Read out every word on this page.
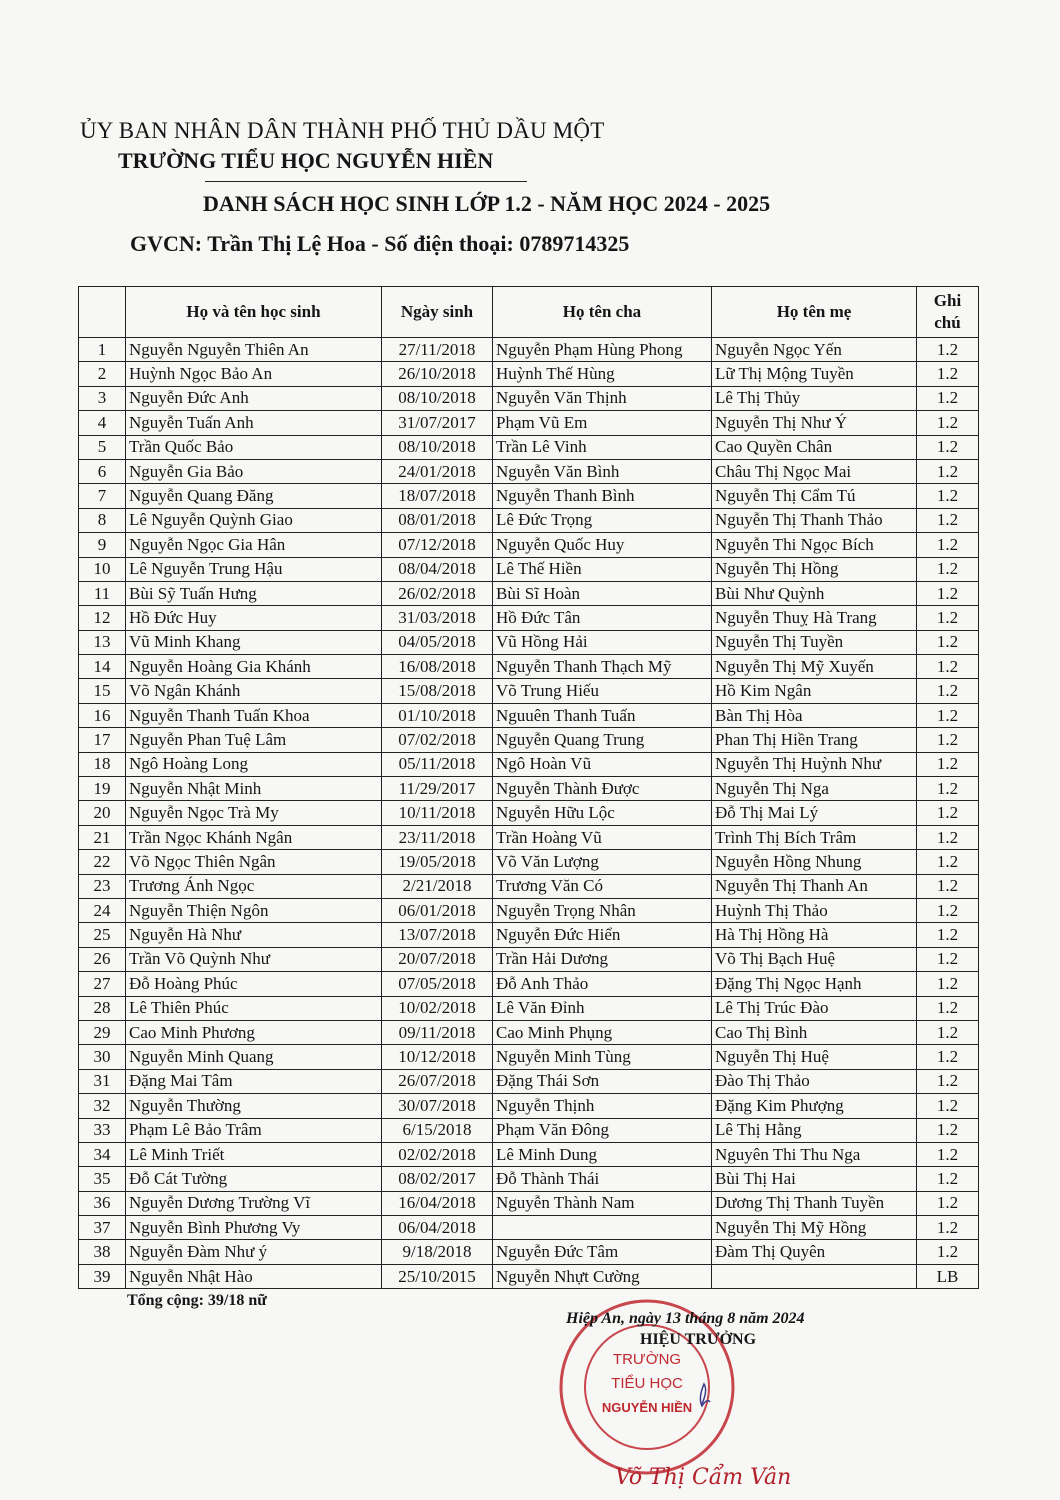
ỦY BAN NHÂN DÂN THÀNH PHỐ THỦ DẦU MỘT
TRƯỜNG TIỂU HỌC NGUYỄN HIỀN
DANH SÁCH HỌC SINH LỚP 1.2 - NĂM HỌC 2024 - 2025
GVCN: Trần Thị Lệ Hoa - Số điện thoại: 0789714325
	Họ và tên học sinh	Ngày sinh	Họ tên cha	Họ tên mẹ	Ghi chú
1	Nguyễn Nguyễn Thiên An	27/11/2018	Nguyễn Phạm Hùng Phong	Nguyễn Ngọc Yến	1.2
2	Huỳnh Ngọc Bảo An	26/10/2018	Huỳnh Thế Hùng	Lữ Thị Mộng Tuyền	1.2
3	Nguyễn Đức Anh	08/10/2018	Nguyễn Văn Thịnh	Lê Thị Thủy	1.2
4	Nguyễn Tuấn Anh	31/07/2017	Phạm Vũ Em	Nguyễn Thị Như Ý	1.2
5	Trần Quốc Bảo	08/10/2018	Trần Lê Vinh	Cao Quyền Chân	1.2
6	Nguyễn Gia Bảo	24/01/2018	Nguyễn Văn Bình	Châu Thị Ngọc Mai	1.2
7	Nguyễn Quang Đăng	18/07/2018	Nguyễn Thanh Bình	Nguyễn Thị Cẩm Tú	1.2
8	Lê Nguyễn Quỳnh Giao	08/01/2018	Lê Đức Trọng	Nguyễn Thị Thanh Thảo	1.2
9	Nguyễn Ngọc Gia Hân	07/12/2018	Nguyễn Quốc Huy	Nguyễn Thi Ngọc Bích	1.2
10	Lê Nguyễn Trung Hậu	08/04/2018	Lê Thế Hiền	Nguyễn Thị Hồng	1.2
11	Bùi Sỹ Tuấn Hưng	26/02/2018	Bùi Sĩ Hoàn	Bùi Như Quỳnh	1.2
12	Hồ Đức Huy	31/03/2018	Hồ Đức Tân	Nguyễn Thuỵ Hà Trang	1.2
13	Vũ Minh Khang	04/05/2018	Vũ Hồng Hải	Nguyễn Thị Tuyền	1.2
14	Nguyễn Hoàng Gia Khánh	16/08/2018	Nguyễn Thanh Thạch Mỹ	Nguyễn Thị Mỹ Xuyến	1.2
15	Võ Ngân Khánh	15/08/2018	Võ Trung Hiếu	Hồ Kim Ngân	1.2
16	Nguyễn Thanh Tuấn Khoa	01/10/2018	Nguuên Thanh Tuấn	Bàn Thị Hòa	1.2
17	Nguyễn Phan Tuệ Lâm	07/02/2018	Nguyễn Quang Trung	Phan Thị Hiền Trang	1.2
18	Ngô Hoàng Long	05/11/2018	Ngô Hoàn Vũ	Nguyễn Thị Huỳnh Như	1.2
19	Nguyễn Nhật Minh	11/29/2017	Nguyễn Thành Được	Nguyễn Thị Nga	1.2
20	Nguyễn Ngọc Trà My	10/11/2018	Nguyễn Hữu Lộc	Đỗ Thị Mai Lý	1.2
21	Trần Ngọc Khánh Ngân	23/11/2018	Trần Hoàng Vũ	Trình Thị Bích Trâm	1.2
22	Võ Ngọc Thiên Ngân	19/05/2018	Võ Văn Lượng	Nguyễn Hồng Nhung	1.2
23	Trương Ánh Ngọc	2/21/2018	Trương Văn Có	Nguyễn Thị Thanh An	1.2
24	Nguyễn Thiện Ngôn	06/01/2018	Nguyễn Trọng Nhân	Huỳnh Thị Thảo	1.2
25	Nguyễn Hà Như	13/07/2018	Nguyễn Đức Hiển	Hà Thị Hồng Hà	1.2
26	Trần Võ Quỳnh Như	20/07/2018	Trần Hải Dương	Võ Thị Bạch Huệ	1.2
27	Đỗ Hoàng Phúc	07/05/2018	Đỗ Anh Thảo	Đặng Thị Ngọc Hạnh	1.2
28	Lê Thiên Phúc	10/02/2018	Lê Văn Đỉnh	Lê Thị Trúc Đào	1.2
29	Cao Minh Phương	09/11/2018	Cao Minh Phụng	Cao Thị Bình	1.2
30	Nguyễn Minh Quang	10/12/2018	Nguyễn Minh Tùng	Nguyễn Thị Huệ	1.2
31	Đặng Mai Tâm	26/07/2018	Đặng Thái Sơn	Đào Thị Thảo	1.2
32	Nguyễn Thường	30/07/2018	Nguyễn Thịnh	Đặng Kim Phượng	1.2
33	Phạm Lê Bảo Trâm	6/15/2018	Phạm Văn Đông	Lê Thị Hằng	1.2
34	Lê Minh Triết	02/02/2018	Lê Minh Dung	Nguyên Thi Thu Nga	1.2
35	Đỗ Cát Tường	08/02/2017	Đỗ Thành Thái	Bùi Thị Hai	1.2
36	Nguyễn Dương Trường Vĩ	16/04/2018	Nguyễn Thành Nam	Dương Thị Thanh Tuyền	1.2
37	Nguyễn Bình Phương Vy	06/04/2018		Nguyễn Thị Mỹ Hồng	1.2
38	Nguyễn Đàm Như ý	9/18/2018	Nguyễn Đức Tâm	Đàm Thị Quyên	1.2
39	Nguyễn Nhật Hào	25/10/2015	Nguyễn Nhựt Cường		LB
Tổng cộng: 39/18 nữ
TRƯỜNG
TIỂU HỌC
NGUYỄN HIỀN
Hiệp An, ngày 13 tháng 8 năm 2024
HIỆU TRƯỞNG
Võ Thị Cẩm Vân
